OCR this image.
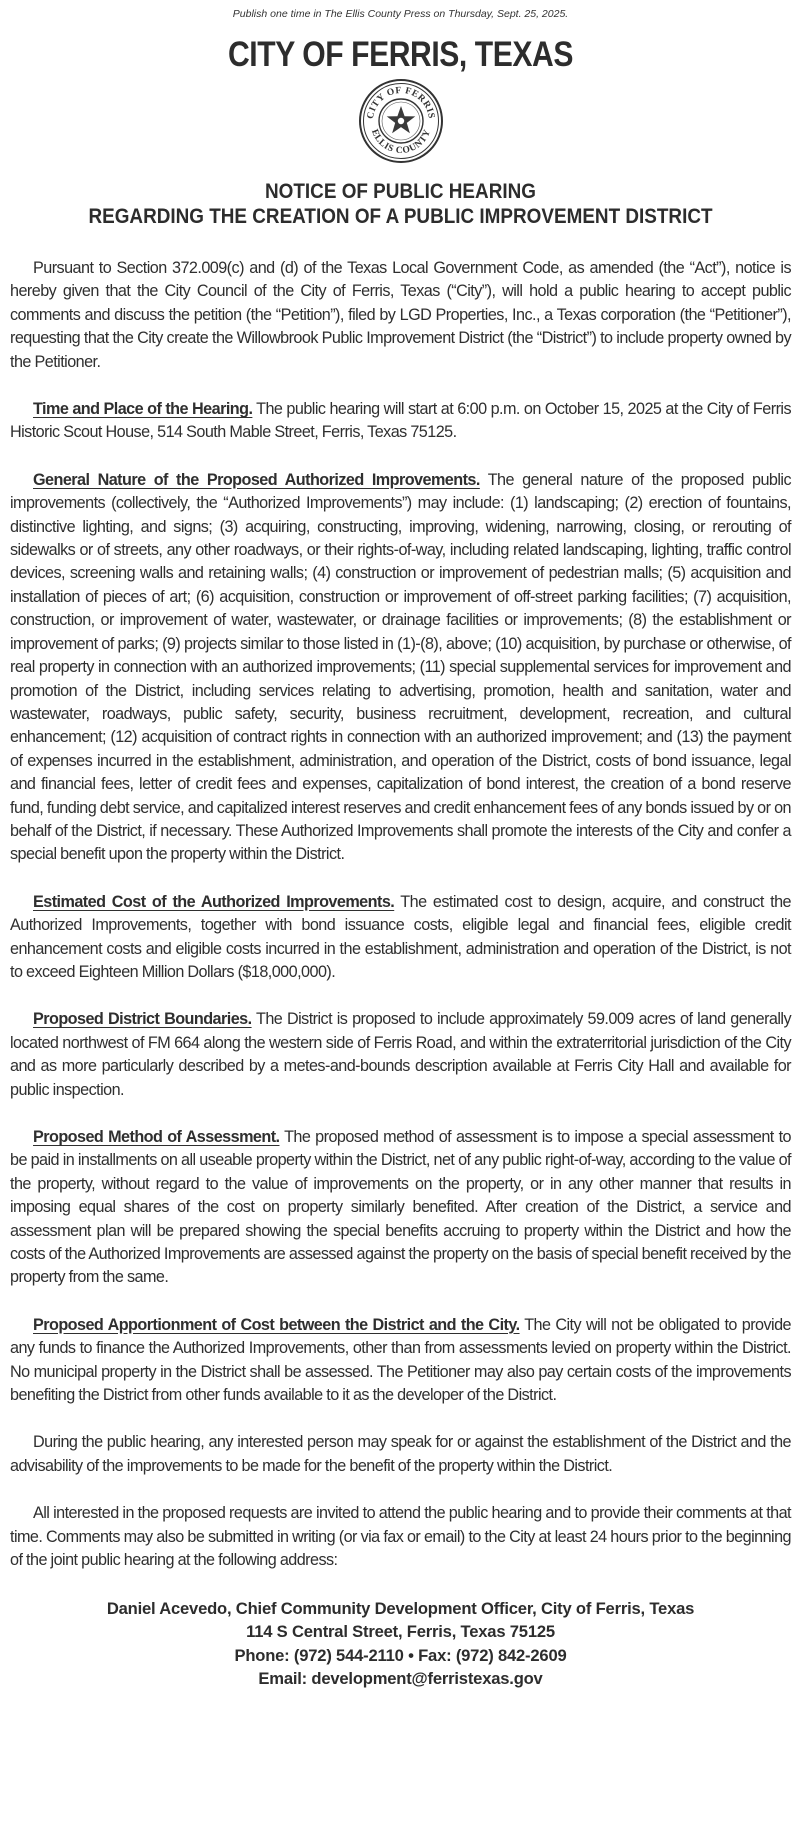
Publish one time in The Ellis County Press on Thursday, Sept. 25, 2025.

CITY OF FERRIS, TEXAS
CITY OF FERRIS
ELLIS COUNTY
NOTICE OF PUBLIC HEARING
REGARDING THE CREATION OF A PUBLIC IMPROVEMENT DISTRICT

Pursuant to Section 372.009(c) and (d) of the Texas Local Government Code, as amended (the “Act”), notice is hereby given that the City Council of the City of Ferris, Texas (“City”), will hold a public hearing to accept public comments and discuss the petition (the “Petition”), filed by LGD Properties, Inc., a Texas corporation (the “Petitioner”), requesting that the City create the Willowbrook Public Improvement District (the “District”) to include property owned by the Petitioner.

Time and Place of the Hearing. The public hearing will start at 6:00 p.m. on October 15, 2025 at the City of Ferris Historic Scout House, 514 South Mable Street, Ferris, Texas 75125.

General Nature of the Proposed Authorized Improvements. The general nature of the proposed public improvements (collectively, the “Authorized Improvements”) may include: (1) landscaping; (2) erection of fountains, distinctive lighting, and signs; (3) acquiring, constructing, improving, widening, narrowing, closing, or rerouting of sidewalks or of streets, any other roadways, or their rights-of-way, including related landscaping, lighting, traffic control devices, screening walls and retaining walls; (4) construction or improvement of pedestrian malls; (5) acquisition and installation of pieces of art; (6) acquisition, construction or improvement of off-street parking facilities; (7) acquisition, construction, or improvement of water, wastewater, or drainage facilities or improvements; (8) the establishment or improvement of parks; (9) projects similar to those listed in (1)-(8), above; (10) acquisition, by purchase or otherwise, of real property in connection with an authorized improvements; (11) special supplemental services for improvement and promotion of the District, including services relating to advertising, promotion, health and sanitation, water and wastewater, roadways, public safety, security, business recruitment, development, recreation, and cultural enhancement; (12) acquisition of contract rights in connection with an authorized improvement; and (13) the payment of expenses incurred in the establishment, administration, and operation of the District, costs of bond issuance, legal and financial fees, letter of credit fees and expenses, capitalization of bond interest, the creation of a bond reserve fund, funding debt service, and capitalized interest reserves and credit enhancement fees of any bonds issued by or on behalf of the District, if necessary. These Authorized Improvements shall promote the interests of the City and confer a special benefit upon the property within the District.

Estimated Cost of the Authorized Improvements. The estimated cost to design, acquire, and construct the Authorized Improvements, together with bond issuance costs, eligible legal and financial fees, eligible credit enhancement costs and eligible costs incurred in the establishment, administration and operation of the District, is not to exceed Eighteen Million Dollars ($18,000,000).

Proposed District Boundaries. The District is proposed to include approximately 59.009 acres of land generally located northwest of FM 664 along the western side of Ferris Road, and within the extraterritorial jurisdiction of the City and as more particularly described by a metes-and-bounds description available at Ferris City Hall and available for public inspection.

Proposed Method of Assessment. The proposed method of assessment is to impose a special assessment to be paid in installments on all useable property within the District, net of any public right-of-way, according to the value of the property, without regard to the value of improvements on the property, or in any other manner that results in imposing equal shares of the cost on property similarly benefited. After creation of the District, a service and assessment plan will be prepared showing the special benefits accruing to property within the District and how the costs of the Authorized Improvements are assessed against the property on the basis of special benefit received by the property from the same.

Proposed Apportionment of Cost between the District and the City. The City will not be obligated to provide any funds to finance the Authorized Improvements, other than from assessments levied on property within the District. No municipal property in the District shall be assessed. The Petitioner may also pay certain costs of the improvements benefiting the District from other funds available to it as the developer of the District.

During the public hearing, any interested person may speak for or against the establishment of the District and the advisability of the improvements to be made for the benefit of the property within the District.

All interested in the proposed requests are invited to attend the public hearing and to provide their comments at that time. Comments may also be submitted in writing (or via fax or email) to the City at least 24 hours prior to the beginning of the joint public hearing at the following address:

Daniel Acevedo, Chief Community Development Officer, City of Ferris, Texas
114 S Central Street, Ferris, Texas 75125
Phone: (972) 544-2110 • Fax: (972) 842-2609
Email: development@ferristexas.gov
